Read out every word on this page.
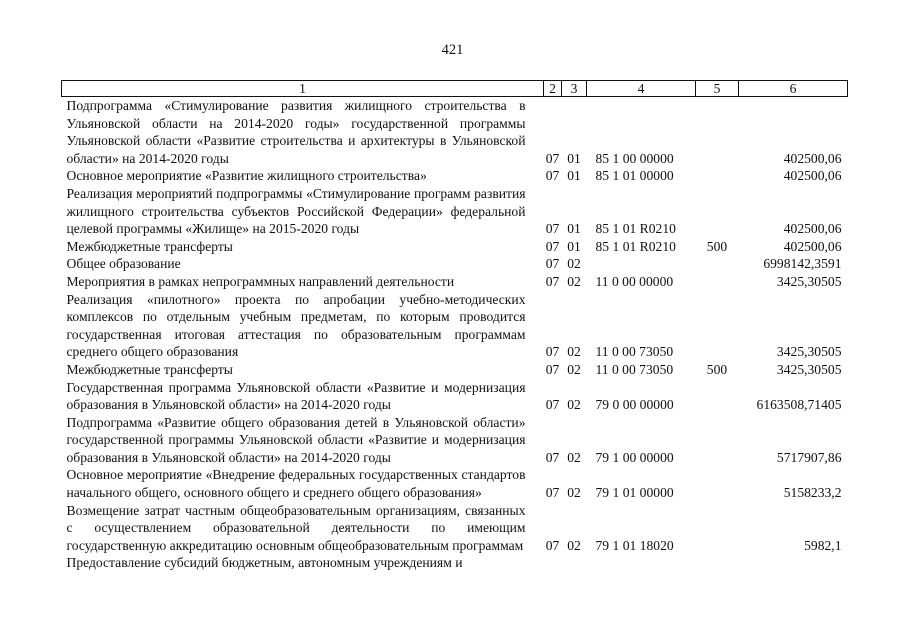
421
1	2	3	4	5	6
Подпрограмма «Стимулирование развития жилищного строительства в Ульяновской области на 2014-2020 годы» государственной программы Ульяновской области «Развитие строительства и архитектуры в Ульяновской области» на 2014-2020 годы	07	01	85 1 00 00000		402500,06
Основное мероприятие «Развитие жилищного строительства»	07	01	85 1 01 00000		402500,06
Реализация мероприятий подпрограммы «Стимулирование программ развития жилищного строительства субъектов Российской Федерации» федеральной целевой программы «Жилище» на 2015-2020 годы	07	01	85 1 01 R0210		402500,06
Межбюджетные трансферты	07	01	85 1 01 R0210	500	402500,06
Общее образование	07	02			6998142,3591
Мероприятия в рамках непрограммных направлений деятельности	07	02	11 0 00 00000		3425,30505
Реализация «пилотного» проекта по апробации учебно-методических комплексов по отдельным учебным предметам, по которым проводится государственная итоговая аттестация по образовательным программам среднего общего образования	07	02	11 0 00 73050		3425,30505
Межбюджетные трансферты	07	02	11 0 00 73050	500	3425,30505
Государственная программа Ульяновской области «Развитие и модернизация образования в Ульяновской области» на 2014-2020 годы	07	02	79 0 00 00000		6163508,71405
Подпрограмма «Развитие общего образования детей в Ульяновской области» государственной программы Ульяновской области «Развитие и модернизация образования в Ульяновской области» на 2014-2020 годы	07	02	79 1 00 00000		5717907,86
Основное мероприятие «Внедрение федеральных государственных стандартов начального общего, основного общего и среднего общего образования»	07	02	79 1 01 00000		5158233,2
Возмещение затрат частным общеобразовательным организациям, связанных с осуществлением образовательной деятельности по имеющим государственную аккредитацию основным общеобразовательным программам	07	02	79 1 01 18020		5982,1
Предоставление субсидий бюджетным, автономным учреждениям и					
